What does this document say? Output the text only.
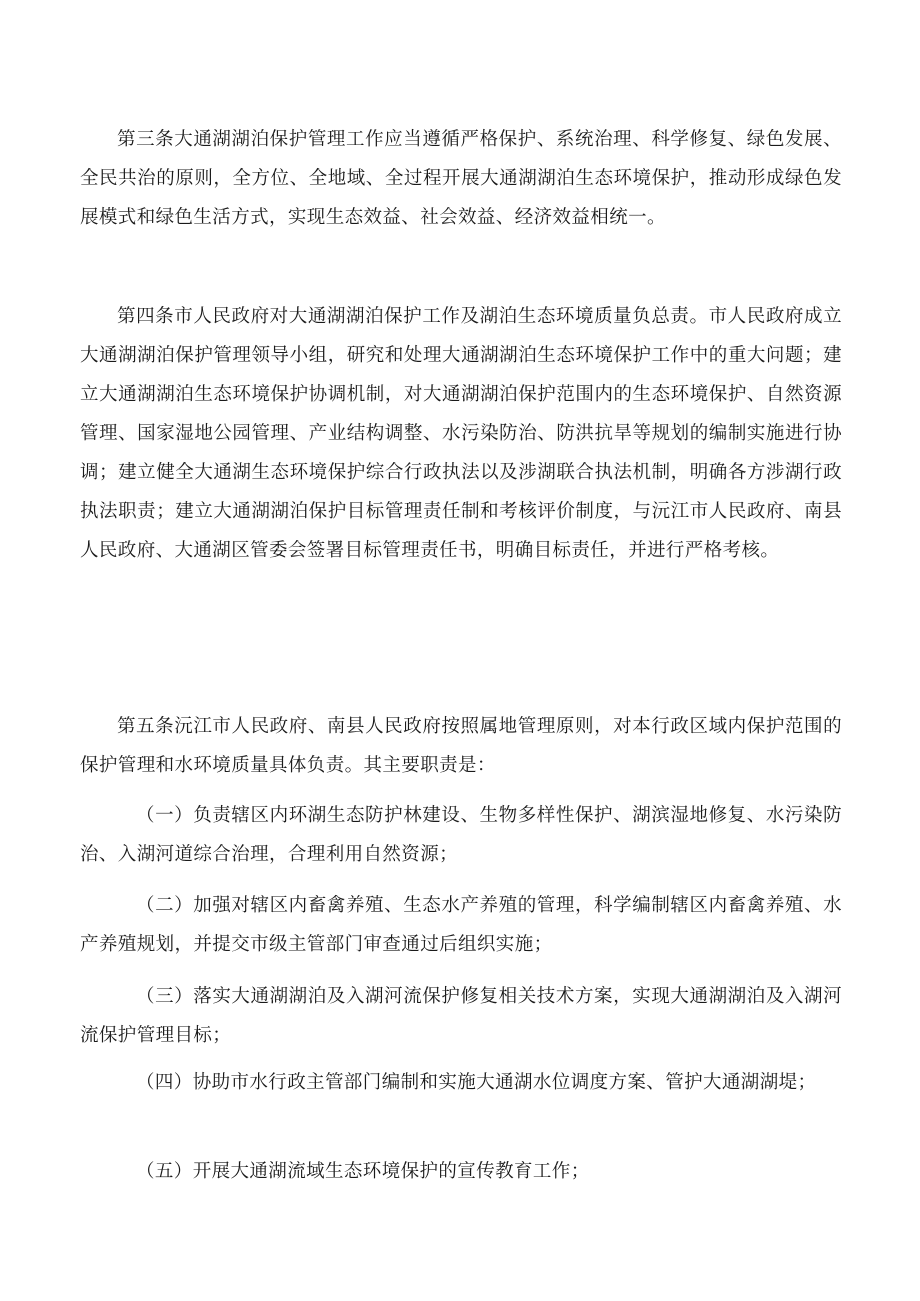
第三条大通湖湖泊保护管理工作应当遵循严格保护、系统治理、科学修复、绿色发展、全民共治的原则，全方位、全地域、全过程开展大通湖湖泊生态环境保护，推动形成绿色发展模式和绿色生活方式，实现生态效益、社会效益、经济效益相统一。

第四条市人民政府对大通湖湖泊保护工作及湖泊生态环境质量负总责。市人民政府成立大通湖湖泊保护管理领导小组，研究和处理大通湖湖泊生态环境保护工作中的重大问题；建立大通湖湖泊生态环境保护协调机制，对大通湖湖泊保护范围内的生态环境保护、自然资源管理、国家湿地公园管理、产业结构调整、水污染防治、防洪抗旱等规划的编制实施进行协调；建立健全大通湖生态环境保护综合行政执法以及涉湖联合执法机制，明确各方涉湖行政执法职责；建立大通湖湖泊保护目标管理责任制和考核评价制度，与沅江市人民政府、南县人民政府、大通湖区管委会签署目标管理责任书，明确目标责任，并进行严格考核。

第五条沅江市人民政府、南县人民政府按照属地管理原则，对本行政区域内保护范围的保护管理和水环境质量具体负责。其主要职责是：

（一）负责辖区内环湖生态防护林建设、生物多样性保护、湖滨湿地修复、水污染防治、入湖河道综合治理，合理利用自然资源；

（二）加强对辖区内畜禽养殖、生态水产养殖的管理，科学编制辖区内畜禽养殖、水产养殖规划，并提交市级主管部门审查通过后组织实施；

（三）落实大通湖湖泊及入湖河流保护修复相关技术方案，实现大通湖湖泊及入湖河流保护管理目标；

（四）协助市水行政主管部门编制和实施大通湖水位调度方案、管护大通湖湖堤；

（五）开展大通湖流域生态环境保护的宣传教育工作；
